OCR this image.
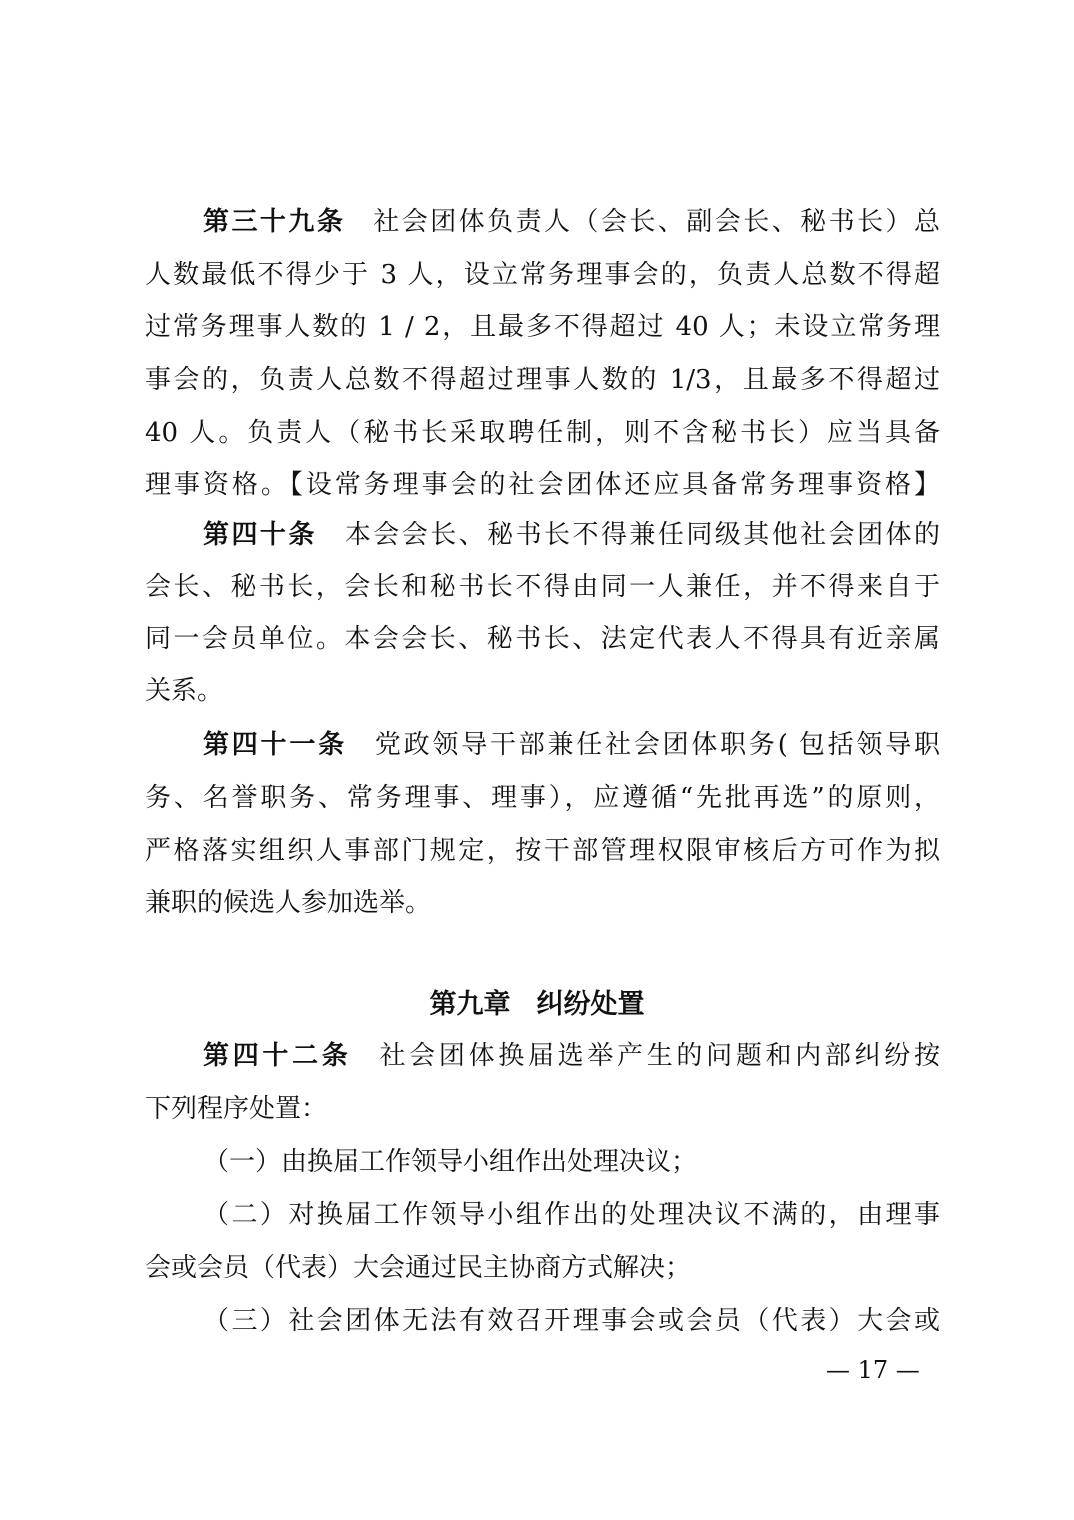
第三十九条 社会团体负责人（会长、副会长、秘书长）总
人数最低不得少于 3 人，设立常务理事会的，负责人总数不得超
过常务理事人数的 1 / 2，且最多不得超过 40 人；未设立常务理
事会的，负责人总数不得超过理事人数的 1/3，且最多不得超过
40 人。负责人（秘书长采取聘任制，则不含秘书长）应当具备
理事资格。【设常务理事会的社会团体还应具备常务理事资格】
第四十条 本会会长、秘书长不得兼任同级其他社会团体的
会长、秘书长，会长和秘书长不得由同一人兼任，并不得来自于
同一会员单位。本会会长、秘书长、法定代表人不得具有近亲属
关系。
第四十一条 党政领导干部兼任社会团体职务( 包括领导职
务、名誉职务、常务理事、理事），应遵循“先批再选”的原则，
严格落实组织人事部门规定，按干部管理权限审核后方可作为拟
兼职的候选人参加选举。
第九章 纠纷处置
第四十二条 社会团体换届选举产生的问题和内部纠纷按
下列程序处置：
（一）由换届工作领导小组作出处理决议；
（二）对换届工作领导小组作出的处理决议不满的，由理事
会或会员（代表）大会通过民主协商方式解决；
（三）社会团体无法有效召开理事会或会员（代表）大会或
— 17 —
